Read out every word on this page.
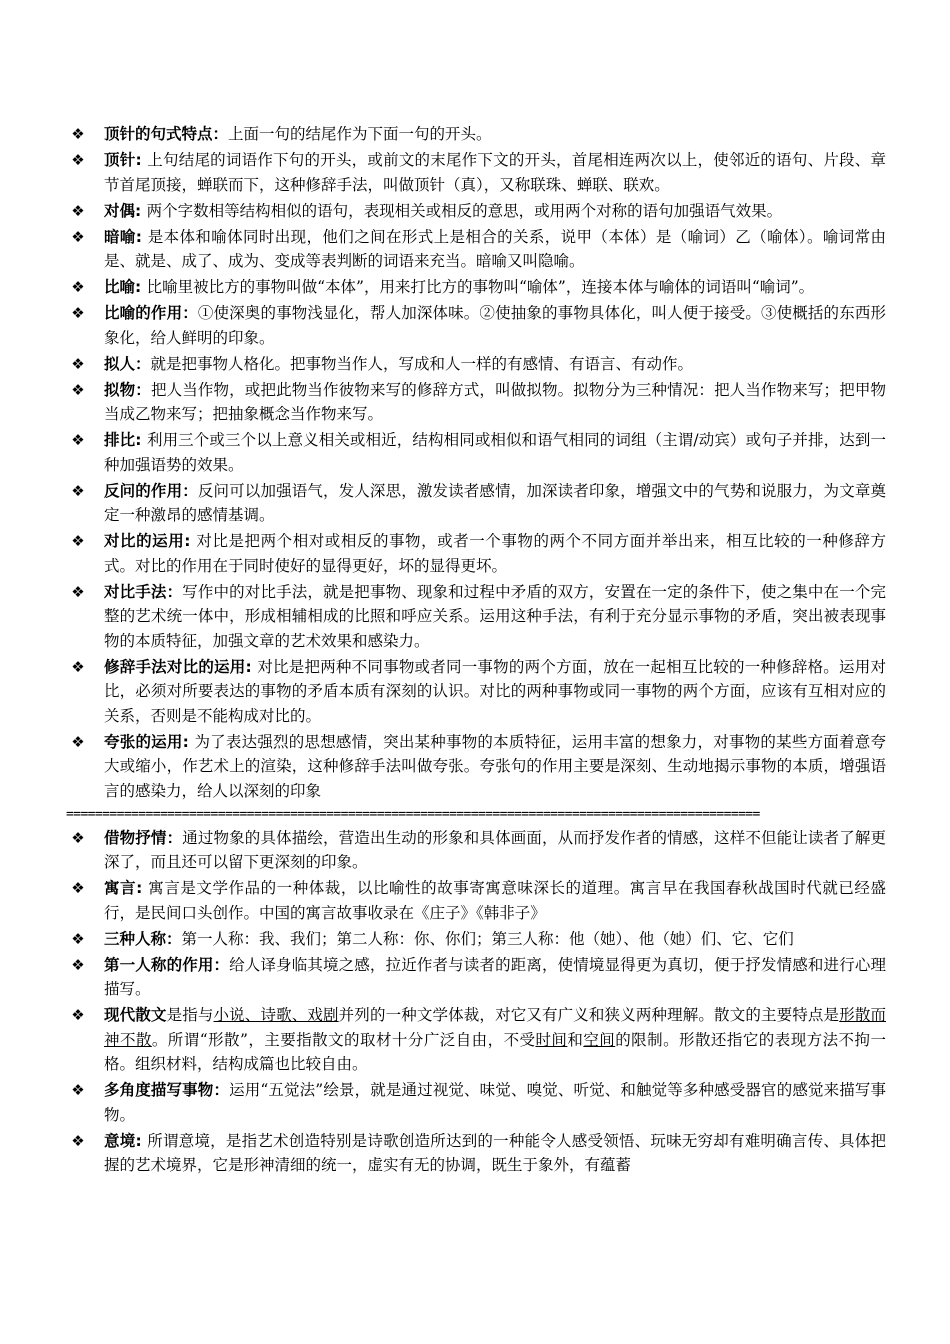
❖ 顶针的句式特点：上面一句的结尾作为下面一句的开头。
❖ 顶针: 上句结尾的词语作下句的开头，或前文的末尾作下文的开头，首尾相连两次以上，使邻近的语句、片段、章节首尾顶接，蝉联而下，这种修辞手法，叫做顶针（真），又称联珠、蝉联、联欢。
❖ 对偶: 两个字数相等结构相似的语句，表现相关或相反的意思，或用两个对称的语句加强语气效果。
❖ 暗喻: 是本体和喻体同时出现，他们之间在形式上是相合的关系，说甲（本体）是（喻词）乙（喻体）。喻词常由是、就是、成了、成为、变成等表判断的词语来充当。暗喻又叫隐喻。
❖ 比喻: 比喻里被比方的事物叫做“本体”，用来打比方的事物叫“喻体”，连接本体与喻体的词语叫“喻词”。
❖ 比喻的作用：①使深奥的事物浅显化，帮人加深体味。②使抽象的事物具体化，叫人便于接受。③使概括的东西形象化，给人鲜明的印象。
❖ 拟人：就是把事物人格化。把事物当作人，写成和人一样的有感情、有语言、有动作。
❖ 拟物：把人当作物，或把此物当作彼物来写的修辞方式，叫做拟物。拟物分为三种情况：把人当作物来写；把甲物当成乙物来写；把抽象概念当作物来写。
❖ 排比: 利用三个或三个以上意义相关或相近，结构相同或相似和语气相同的词组（主谓/动宾）或句子并排，达到一种加强语势的效果。
❖ 反问的作用：反问可以加强语气，发人深思，激发读者感情，加深读者印象，增强文中的气势和说服力，为文章奠定一种激昂的感情基调。
❖ 对比的运用: 对比是把两个相对或相反的事物，或者一个事物的两个不同方面并举出来，相互比较的一种修辞方式。对比的作用在于同时使好的显得更好，坏的显得更坏。
❖ 对比手法：写作中的对比手法，就是把事物、现象和过程中矛盾的双方，安置在一定的条件下，使之集中在一个完整的艺术统一体中，形成相辅相成的比照和呼应关系。运用这种手法，有利于充分显示事物的矛盾，突出被表现事物的本质特征，加强文章的艺术效果和感染力。
❖ 修辞手法对比的运用: 对比是把两种不同事物或者同一事物的两个方面，放在一起相互比较的一种修辞格。运用对比，必须对所要表达的事物的矛盾本质有深刻的认识。对比的两种事物或同一事物的两个方面，应该有互相对应的关系，否则是不能构成对比的。
❖ 夸张的运用: 为了表达强烈的思想感情，突出某种事物的本质特征，运用丰富的想象力，对事物的某些方面着意夸大或缩小，作艺术上的渲染，这种修辞手法叫做夸张。夸张句的作用主要是深刻、生动地揭示事物的本质，增强语言的感染力，给人以深刻的印象
================================================================================================
❖ 借物抒情：通过物象的具体描绘，营造出生动的形象和具体画面，从而抒发作者的情感，这样不但能让读者了解更深了，而且还可以留下更深刻的印象。
❖ 寓言: 寓言是文学作品的一种体裁，以比喻性的故事寄寓意味深长的道理。寓言早在我国春秋战国时代就已经盛行，是民间口头创作。中国的寓言故事收录在《庄子》《韩非子》
❖ 三种人称：第一人称：我、我们；第二人称：你、你们；第三人称：他（她）、他（她）们、它、它们
❖ 第一人称的作用：给人译身临其境之感，拉近作者与读者的距离，使情境显得更为真切，便于抒发情感和进行心理描写。
❖ 现代散文是指与小说、诗歌、戏剧并列的一种文学体裁，对它又有广义和狭义两种理解。散文的主要特点是形散而神不散。所谓“形散”，主要指散文的取材十分广泛自由，不受时间和空间的限制。形散还指它的表现方法不拘一格。组织材料，结构成篇也比较自由。
❖ 多角度描写事物：运用“五觉法”绘景，就是通过视觉、味觉、嗅觉、听觉、和触觉等多种感受器官的感觉来描写事物。
❖ 意境: 所谓意境，是指艺术创造特别是诗歌创造所达到的一种能令人感受领悟、玩味无穷却有难明确言传、具体把握的艺术境界，它是形神清细的统一，虚实有无的协调，既生于象外，有蕴蓄
